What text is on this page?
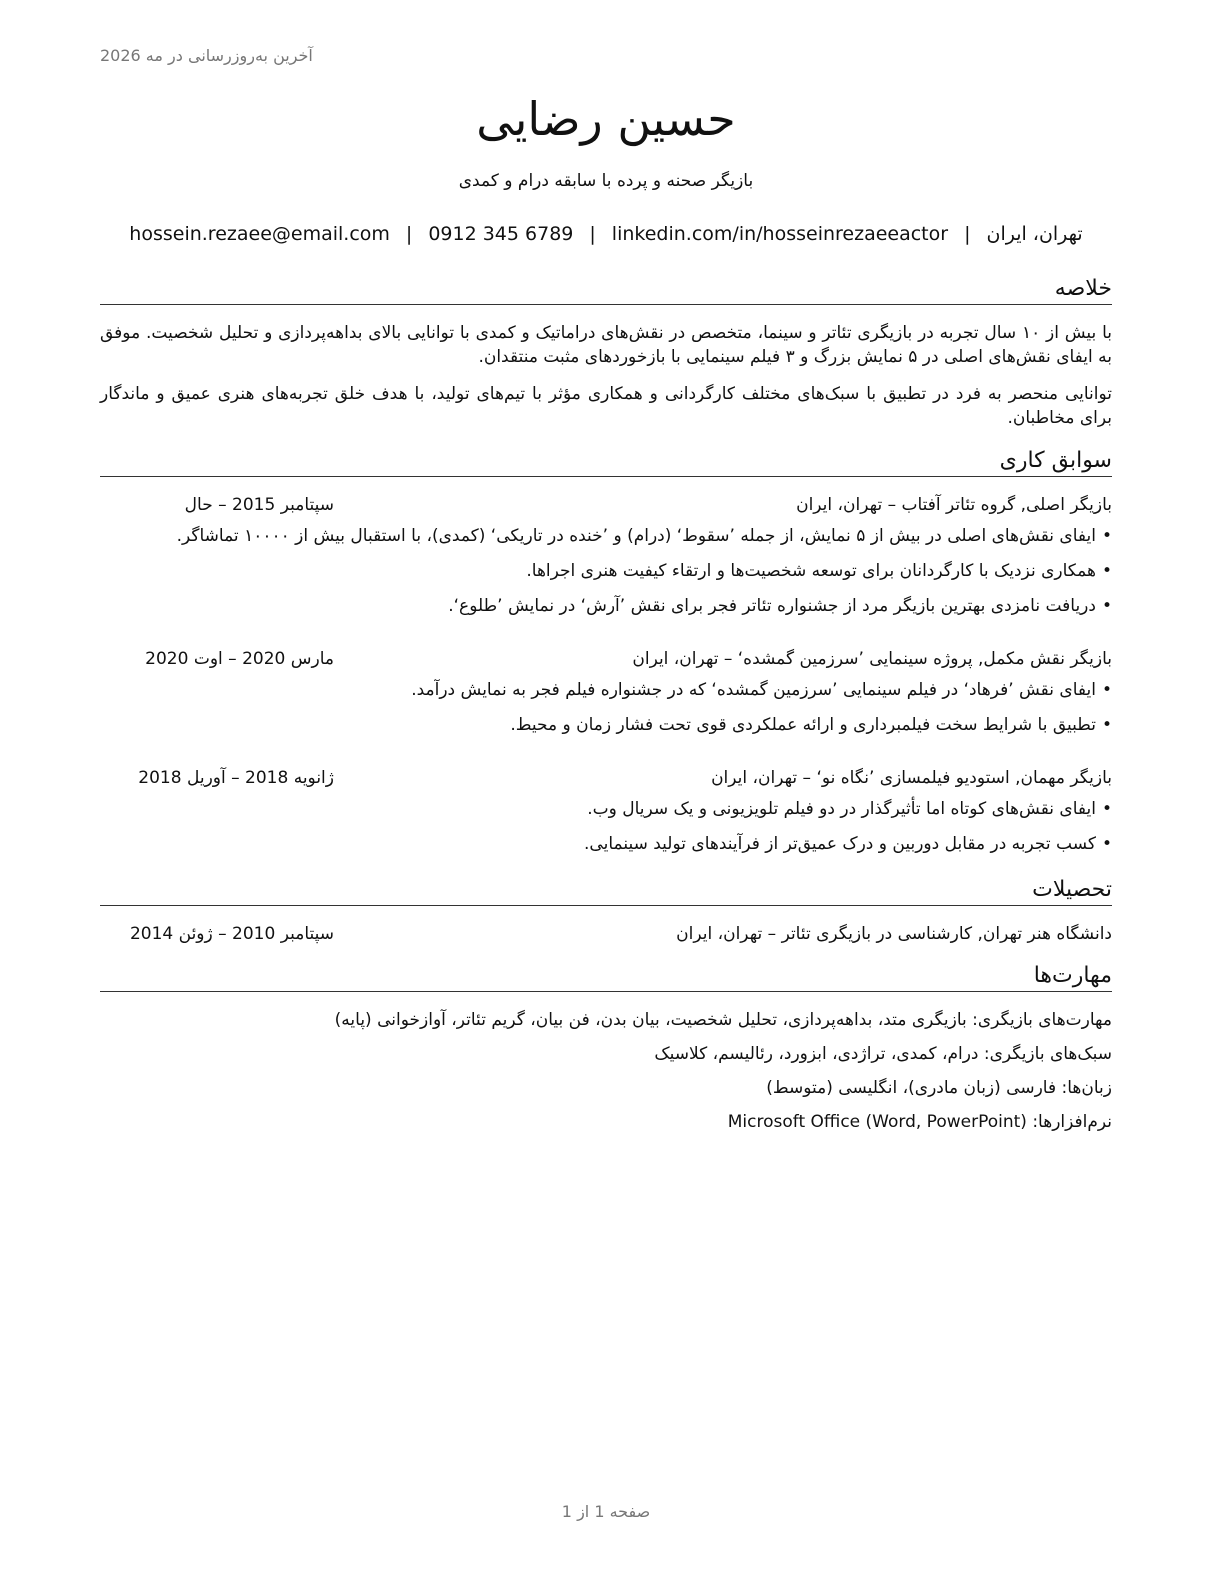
آخرین به‌روزرسانی در مه 2026
حسین رضایی
بازیگر صحنه و پرده با سابقه درام و کمدی
تهران، ایران|hossein.rezaee@email.com | 0912 345 6789 | linkedin.com/in/hosseinrezaeeactor
خلاصه
با بیش از ۱۰ سال تجربه در بازیگری تئاتر و سینما، متخصص در نقش‌های دراماتیک و کمدی با توانایی بالای بداهه‌پردازی و تحلیل شخصیت. موفق به ایفای نقش‌های اصلی در ۵ نمایش بزرگ و ۳ فیلم سینمایی با بازخوردهای مثبت منتقدان.
توانایی منحصر به فرد در تطبیق با سبک‌های مختلف کارگردانی و همکاری مؤثر با تیم‌های تولید، با هدف خلق تجربه‌های هنری عمیق و ماندگار برای مخاطبان.
سوابق کاری
بازیگر اصلی, گروه تئاتر آفتاب – تهران، ایران
سپتامبر 2015 – حال
•ایفای نقش‌های اصلی در بیش از ۵ نمایش، از جمله ’سقوط‘ (درام) و ’خنده در تاریکی‘ (کمدی)، با استقبال بیش از ۱۰۰۰۰ تماشاگر.
•همکاری نزدیک با کارگردانان برای توسعه شخصیت‌ها و ارتقاء کیفیت هنری اجراها.
•دریافت نامزدی بهترین بازیگر مرد از جشنواره تئاتر فجر برای نقش ’آرش‘ در نمایش ’طلوع‘.
بازیگر نقش مکمل, پروژه سینمایی ’سرزمین گمشده‘ – تهران، ایران
مارس 2020 – اوت 2020
•ایفای نقش ’فرهاد‘ در فیلم سینمایی ’سرزمین گمشده‘ که در جشنواره فیلم فجر به نمایش درآمد.
•تطبیق با شرایط سخت فیلمبرداری و ارائه عملکردی قوی تحت فشار زمان و محیط.
بازیگر مهمان, استودیو فیلمسازی ’نگاه نو‘ – تهران، ایران
ژانویه 2018 – آوریل 2018
•ایفای نقش‌های کوتاه اما تأثیرگذار در دو فیلم تلویزیونی و یک سریال وب.
•کسب تجربه در مقابل دوربین و درک عمیق‌تر از فرآیندهای تولید سینمایی.
تحصیلات
دانشگاه هنر تهران, کارشناسی در بازیگری تئاتر – تهران، ایران
سپتامبر 2010 – ژوئن 2014
مهارت‌ها
مهارت‌های بازیگری: بازیگری متد، بداهه‌پردازی، تحلیل شخصیت، بیان بدن، فن بیان، گریم تئاتر، آوازخوانی (پایه)
سبک‌های بازیگری: درام، کمدی، تراژدی، ابزورد، رئالیسم، کلاسیک
زبان‌ها: فارسی (زبان مادری)، انگلیسی (متوسط)
نرم‌افزارها: Microsoft Office (Word, PowerPoint)
صفحه 1 از 1
